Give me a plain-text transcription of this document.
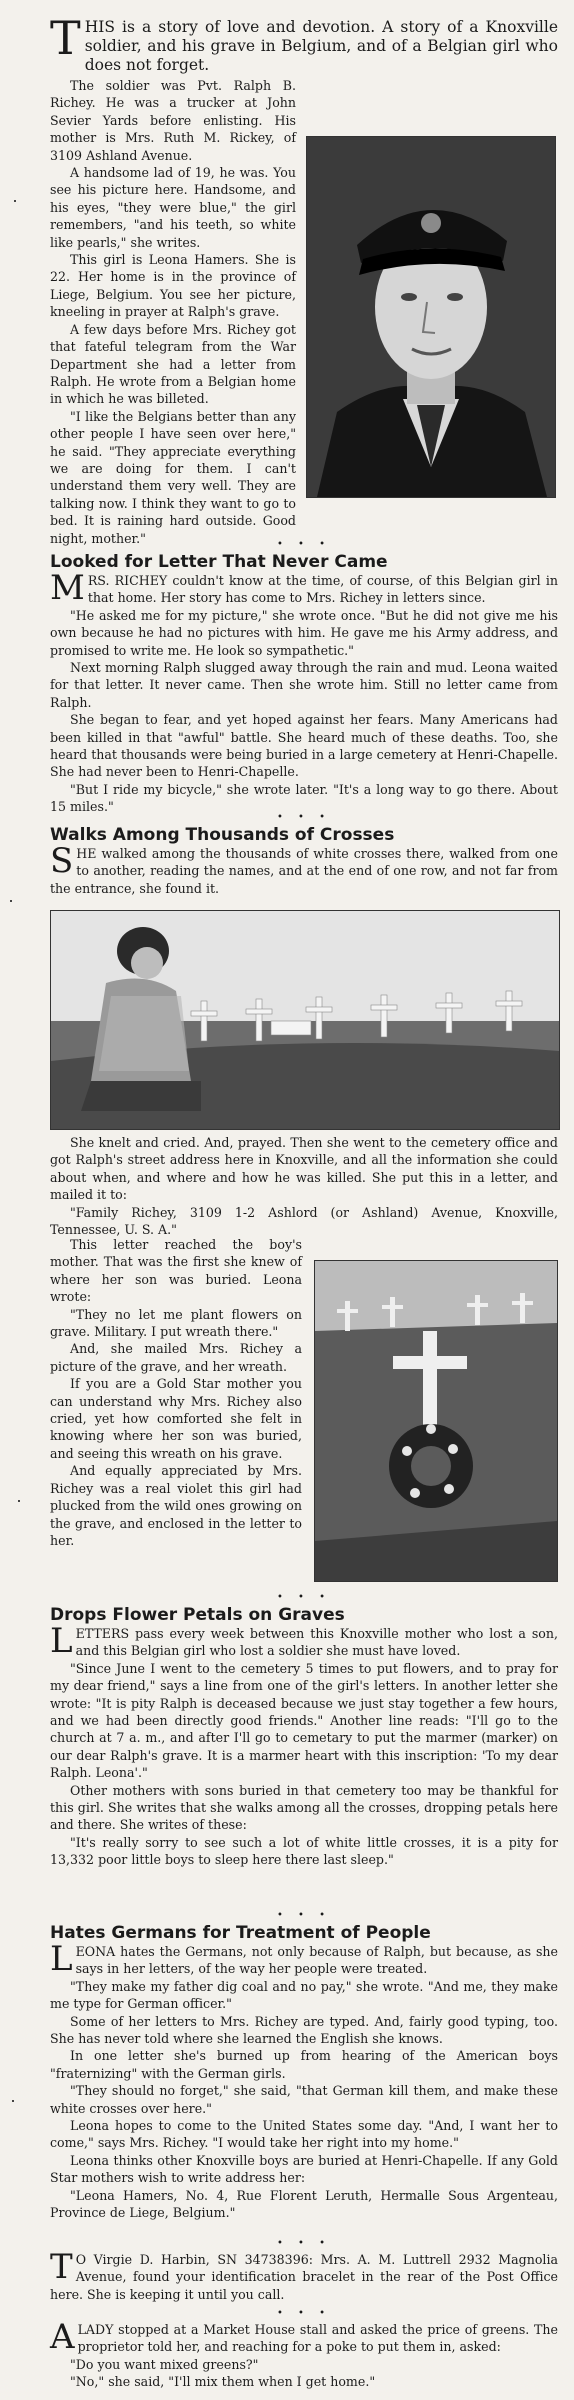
THIS is a story of love and devotion. A story of a Knoxville soldier, and his grave in Belgium, and of a Belgian girl who does not forget.

The soldier was Pvt. Ralph B. Richey. He was a trucker at John Sevier Yards before enlisting. His mother is Mrs. Ruth M. Rickey, of 3109 Ashland Avenue.

A handsome lad of 19, he was. You see his picture here. Handsome, and his eyes, "they were blue," the girl remembers, "and his teeth, so white like pearls," she writes.

This girl is Leona Hamers. She is 22. Her home is in the province of Liege, Belgium. You see her picture, kneeling in prayer at Ralph's grave.

A few days before Mrs. Richey got that fateful telegram from the War Department she had a letter from Ralph. He wrote from a Belgian home in which he was billeted.

"I like the Belgians better than any other people I have seen over here," he said. "They appreciate everything we are doing for them. I can't understand them very well. They are talking now. I think they want to go to bed. It is raining hard outside. Good night, mother."	• • •
Looked for Letter That Never Came

MRS. RICHEY couldn't know at the time, of course, of this Belgian girl in that home. Her story has come to Mrs. Richey in letters since.

"He asked me for my picture," she wrote once. "But he did not give me his own because he had no pictures with him. He gave me his Army address, and promised to write me. He look so sympathetic."

Next morning Ralph slugged away through the rain and mud. Leona waited for that letter. It never came. Then she wrote him. Still no letter came from Ralph.

She began to fear, and yet hoped against her fears. Many Americans had been killed in that "awful" battle. She heard much of these deaths. Too, she heard that thousands were being buried in a large cemetery at Henri-Chapelle. She had never been to Henri-Chapelle.

"But I ride my bicycle," she wrote later. "It's a long way to go there. About 15 miles."

• • •
Walks Among Thousands of Crosses

SHE walked among the thousands of white crosses there, walked from one to another, reading the names, and at the end of one row, and not far from the entrance, she found it.

She knelt and cried. And, prayed. Then she went to the cemetery office and got Ralph's street address here in Knoxville, and all the information she could about when, and where and how he was killed. She put this in a letter, and mailed it to:

"Family Richey, 3109 1-2 Ashlord (or Ashland) Avenue, Knoxville, Tennessee, U. S. A."

This letter reached the boy's mother. That was the first she knew of where her son was buried. Leona wrote:

"They no let me plant flowers on grave. Military. I put wreath there."

And, she mailed Mrs. Richey a picture of the grave, and her wreath.

If you are a Gold Star mother you can understand why Mrs. Richey also cried, yet how comforted she felt in knowing where her son was buried, and seeing this wreath on his grave.

And equally appreciated by Mrs. Richey was a real violet this girl had plucked from the wild ones growing on the grave, and enclosed in the letter to her.

• • •
Drops Flower Petals on Graves

LETTERS pass every week between this Knoxville mother who lost a son, and this Belgian girl who lost a soldier she must have loved.

"Since June I went to the cemetery 5 times to put flowers, and to pray for my dear friend," says a line from one of the girl's letters. In another letter she wrote: "It is pity Ralph is deceased because we just stay together a few hours, and we had been directly good friends." Another line reads: "I'll go to the church at 7 a. m., and after I'll go to cemetary to put the marmer (marker) on our dear Ralph's grave. It is a marmer heart with this inscription: 'To my dear Ralph. Leona'."

Other mothers with sons buried in that cemetery too may be thankful for this girl. She writes that she walks among all the crosses, dropping petals here and there. She writes of these:

"It's really sorry to see such a lot of white little crosses, it is a pity for 13,332 poor little boys to sleep here there last sleep."

• • •
Hates Germans for Treatment of People

LEONA hates the Germans, not only because of Ralph, but because, as she says in her letters, of the way her people were treated.

"They make my father dig coal and no pay," she wrote. "And me, they make me type for German officer."

Some of her letters to Mrs. Richey are typed. And, fairly good typing, too. She has never told where she learned the English she knows.

In one letter she's burned up from hearing of the American boys "fraternizing" with the German girls.

"They should no forget," she said, "that German kill them, and make these white crosses over here."

Leona hopes to come to the United States some day. "And, I want her to come," says Mrs. Richey. "I would take her right into my home."

Leona thinks other Knoxville boys are buried at Henri-Chapelle. If any Gold Star mothers wish to write address her:

"Leona Hamers, No. 4, Rue Florent Leruth, Hermalle Sous Argenteau, Province de Liege, Belgium."

• • •

T O Virgie D. Harbin, SN 34738396: Mrs. A. M. Luttrell 2932 Magnolia Avenue, found your identification bracelet in the rear of the Post Office here. She is keeping it until you call.

• • •

ALADY stopped at a Market House stall and asked the price of greens. The proprietor told her, and reaching for a poke to put them in, asked:

"Do you want mixed greens?"

"No," she said, "I'll mix them when I get home."
